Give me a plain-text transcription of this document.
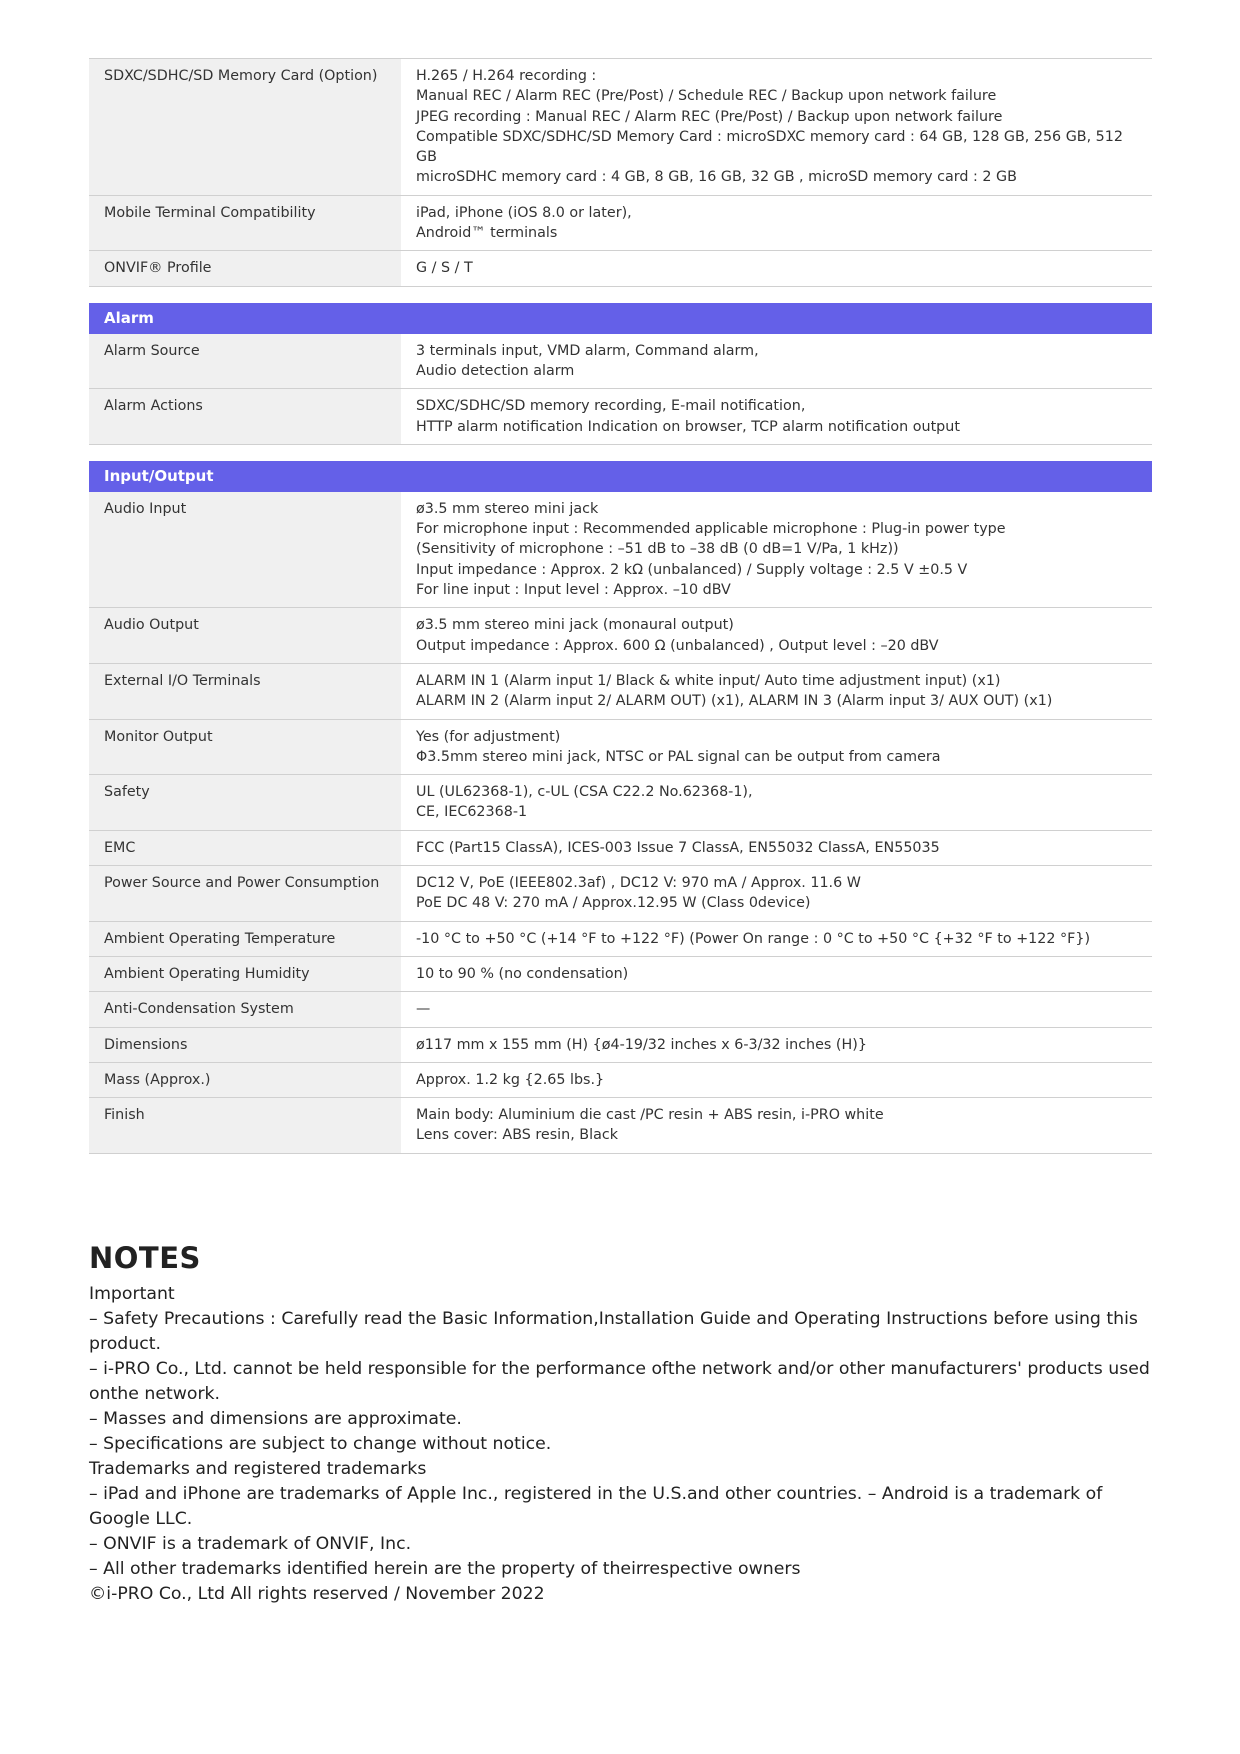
SDXC/SDHC/SD Memory Card (Option)	H.265 / H.264 recording :
Manual REC / Alarm REC (Pre/Post) / Schedule REC / Backup upon network failure
JPEG recording : Manual REC / Alarm REC (Pre/Post) / Backup upon network failure
Compatible SDXC/SDHC/SD Memory Card : microSDXC memory card : 64 GB, 128 GB, 256 GB, 512 GB
microSDHC memory card : 4 GB, 8 GB, 16 GB, 32 GB , microSD memory card : 2 GB
Mobile Terminal Compatibility	iPad, iPhone (iOS 8.0 or later),
Android™ terminals
ONVIF® Profile	G / S / T
Alarm
Alarm Source	3 terminals input, VMD alarm, Command alarm,
Audio detection alarm
Alarm Actions	SDXC/SDHC/SD memory recording, E-mail notification,
HTTP alarm notification Indication on browser, TCP alarm notification output
Input/Output
Audio Input	ø3.5 mm stereo mini jack
For microphone input : Recommended applicable microphone : Plug-in power type
(Sensitivity of microphone : –51 dB to –38 dB (0 dB=1 V/Pa, 1 kHz))
Input impedance : Approx. 2 kΩ (unbalanced) / Supply voltage : 2.5 V ±0.5 V
For line input : Input level : Approx. –10 dBV
Audio Output	ø3.5 mm stereo mini jack (monaural output)
Output impedance : Approx. 600 Ω (unbalanced) , Output level : –20 dBV
External I/O Terminals	ALARM IN 1 (Alarm input 1/ Black & white input/ Auto time adjustment input) (x1)
ALARM IN 2 (Alarm input 2/ ALARM OUT) (x1), ALARM IN 3 (Alarm input 3/ AUX OUT) (x1)
Monitor Output	Yes (for adjustment)
Φ3.5mm stereo mini jack, NTSC or PAL signal can be output from camera
Safety	UL (UL62368-1), c-UL (CSA C22.2 No.62368-1),
CE, IEC62368-1
EMC	FCC (Part15 ClassA), ICES-003 Issue 7 ClassA, EN55032 ClassA, EN55035
Power Source and Power Consumption	DC12 V, PoE (IEEE802.3af) , DC12 V: 970 mA / Approx. 11.6 W
PoE DC 48 V: 270 mA / Approx.12.95 W (Class 0device)
Ambient Operating Temperature	-10 °C to +50 °C (+14 °F to +122 °F) (Power On range : 0 °C to +50 °C {+32 °F to +122 °F})
Ambient Operating Humidity	10 to 90 % (no condensation)
Anti-Condensation System	—
Dimensions	ø117 mm x 155 mm (H) {ø4-19/32 inches x 6-3/32 inches (H)}
Mass (Approx.)	Approx. 1.2 kg {2.65 lbs.}
Finish	Main body: Aluminium die cast /PC resin + ABS resin, i-PRO white
Lens cover: ABS resin, Black
NOTES
Important
– Safety Precautions : Carefully read the Basic Information,Installation Guide and Operating Instructions before using this product.
– i-PRO Co., Ltd. cannot be held responsible for the performance ofthe network and/or other manufacturers' products used onthe network.
– Masses and dimensions are approximate.
– Specifications are subject to change without notice.
Trademarks and registered trademarks
– iPad and iPhone are trademarks of Apple Inc., registered in the U.S.and other countries. – Android is a trademark of Google LLC.
– ONVIF is a trademark of ONVIF, Inc.
– All other trademarks identified herein are the property of theirrespective owners
©i-PRO Co., Ltd All rights reserved / November 2022
